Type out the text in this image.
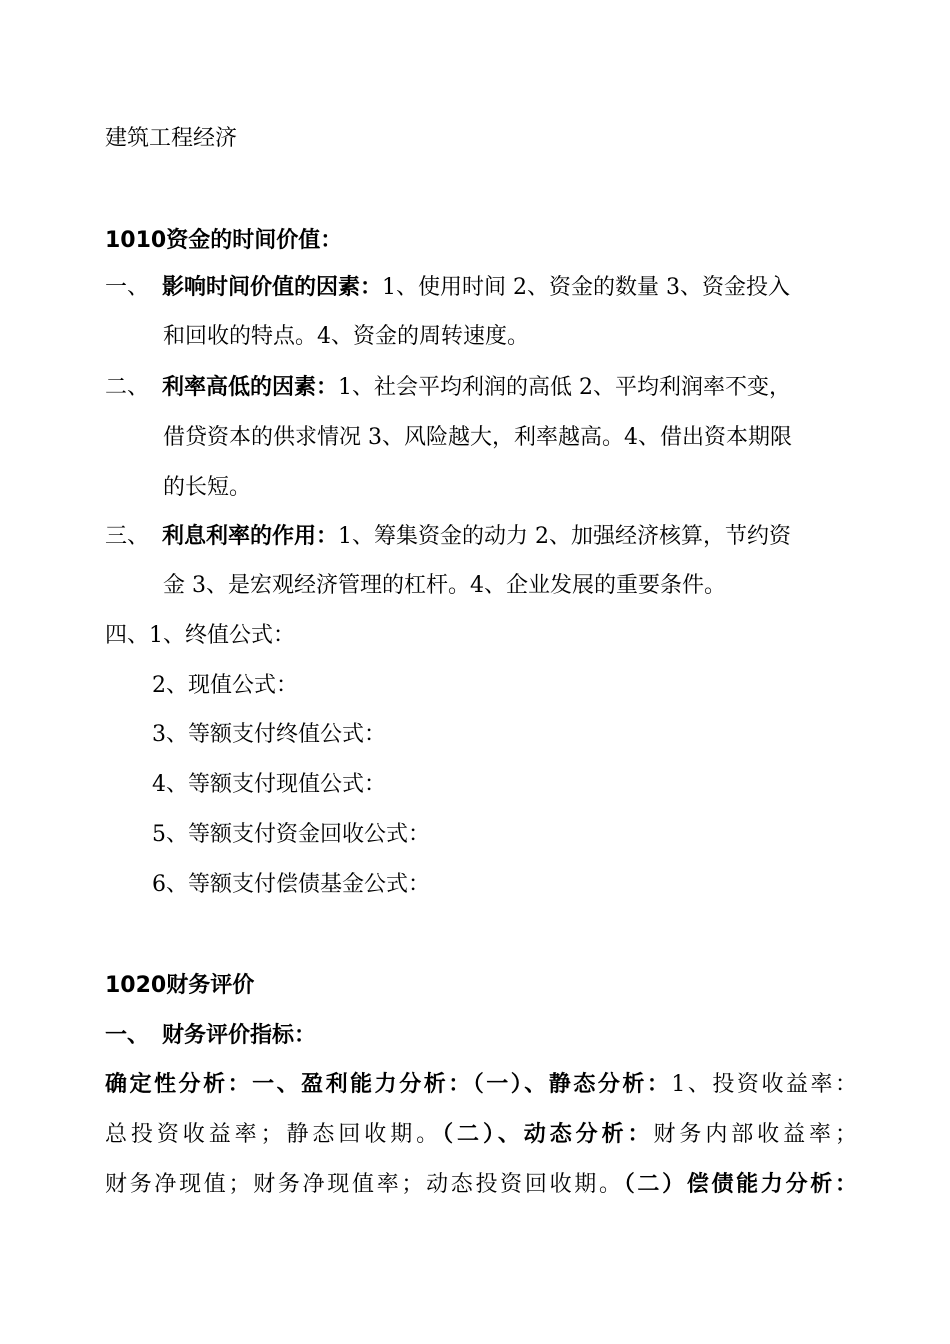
建筑工程经济
1010资金的时间价值：
一、 影响时间价值的因素：1、使用时间 2、资金的数量 3、资金投入
和回收的特点。4、资金的周转速度。
二、 利率高低的因素：1、社会平均利润的高低 2、平均利润率不变，
借贷资本的供求情况 3、风险越大，利率越高。4、借出资本期限
的长短。
三、 利息利率的作用：1、筹集资金的动力 2、加强经济核算，节约资
金 3、是宏观经济管理的杠杆。4、企业发展的重要条件。
四、1、终值公式：
2、现值公式：
3、等额支付终值公式：
4、等额支付现值公式：
5、等额支付资金回收公式：
6、等额支付偿债基金公式：
1020财务评价
一、 财务评价指标：
确定性分析：一、盈利能力分析：（一）、静态分析：1、投资收益率：
总投资收益率；静态回收期。（二）、动态分析：财务内部收益率；
财务净现值；财务净现值率；动态投资回收期。（二）偿债能力分析：
